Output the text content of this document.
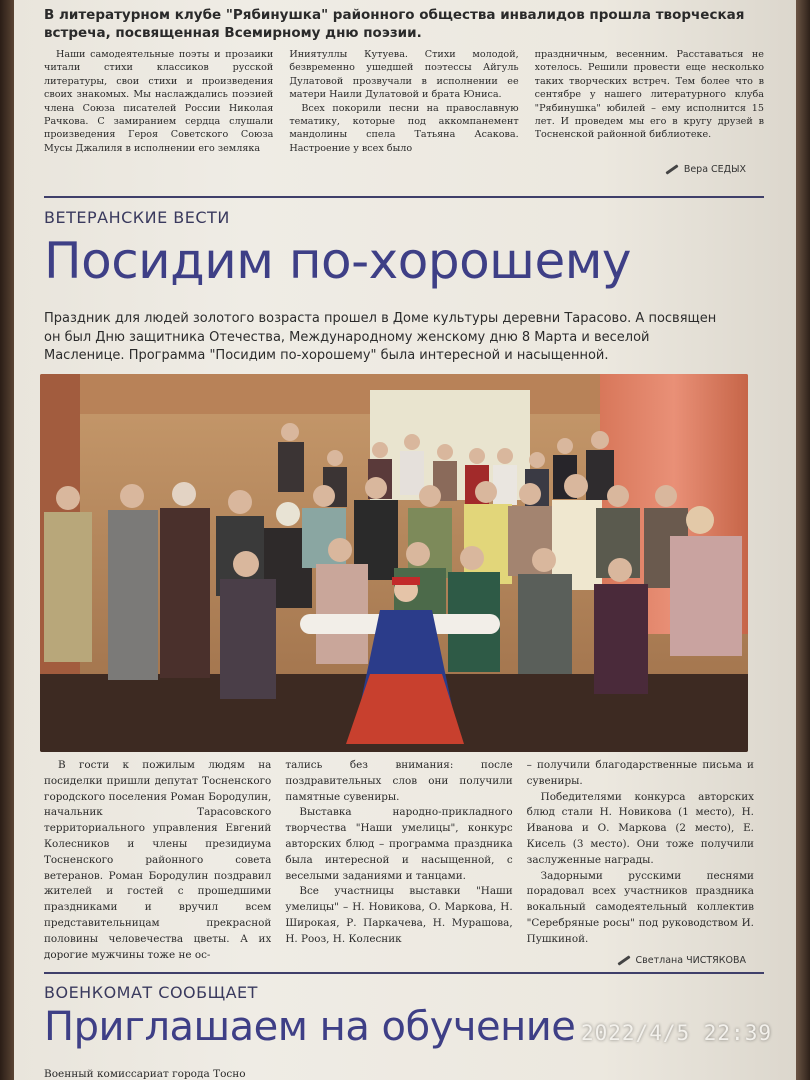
В литературном клубе "Рябинушка" районного общества инвалидов прошла творческая встреча, посвященная Всемирному дню поэзии.

Наши самодеятельные поэты и прозаики читали стихи классиков русской литературы, свои стихи и произведения своих знакомых. Мы наслаждались поэзией члена Союза писателей России Николая Рачкова. С замиранием сердца слушали произведения Героя Советского Союза Мусы Джалиля в исполнении его земляка

Иниятуллы Кутуева. Стихи молодой, безвременно ушедшей поэтессы Айгуль Дулатовой прозвучали в исполнении ее матери Наили Дулатовой и брата Юниса.

Всех покорили песни на православную тематику, которые под аккомпанемент мандолины спела Татьяна Асакова. Настроение у всех было

праздничным, весенним. Расставаться не хотелось. Решили провести еще несколько таких творческих встреч. Тем более что в сентябре у нашего литературного клуба "Рябинушка" юбилей – ему исполнится 15 лет. И проведем мы его в кругу друзей в Тосненской районной библиотеке.

Вера СЕДЫХ
ВЕТЕРАНСКИЕ ВЕСТИ
Посидим по-хорошему
Праздник для людей золотого возраста прошел в Доме культуры деревни Тарасово. А посвящен он был Дню защитника Отечества, Международному женскому дню 8 Марта и веселой Масленице. Программа "Посидим по-хорошему" была интересной и насыщенной.

В гости к пожилым людям на посиделки пришли депутат Тосненского городского поселения Роман Бородулин, начальник Тарасовского территориального управления Евгений Колесников и члены президиума Тосненского районного совета ветеранов. Роман Бородулин поздравил жителей и гостей с прошедшими праздниками и вручил всем представительницам прекрасной половины человечества цветы. А их дорогие мужчины тоже не ос-

тались без внимания: после поздравительных слов они получили памятные сувениры.

Выставка народно-прикладного творчества "Наши умелицы", конкурс авторских блюд – программа праздника была интересной и насыщенной, с веселыми заданиями и танцами.

Все участницы выставки "Наши умелицы" – Н. Новикова, О. Маркова, Н. Широкая, Р. Паркачева, Н. Мурашова, Н. Рооз, Н. Колесник

– получили благодарственные письма и сувениры.

Победителями конкурса авторских блюд стали Н. Новикова (1 место), Н. Иванова и О. Маркова (2 место), Е. Кисель (3 место). Они тоже получили заслуженные награды.

Задорными русскими песнями порадовал всех участников праздника вокальный самодеятельный коллектив "Серебряные росы" под руководством И. Пушкиной.

Светлана ЧИСТЯКОВА
ВОЕНКОМАТ СООБЩАЕТ
Приглашаем на обучение
Военный комиссариат города Тосно
2022/4/5 22:39
